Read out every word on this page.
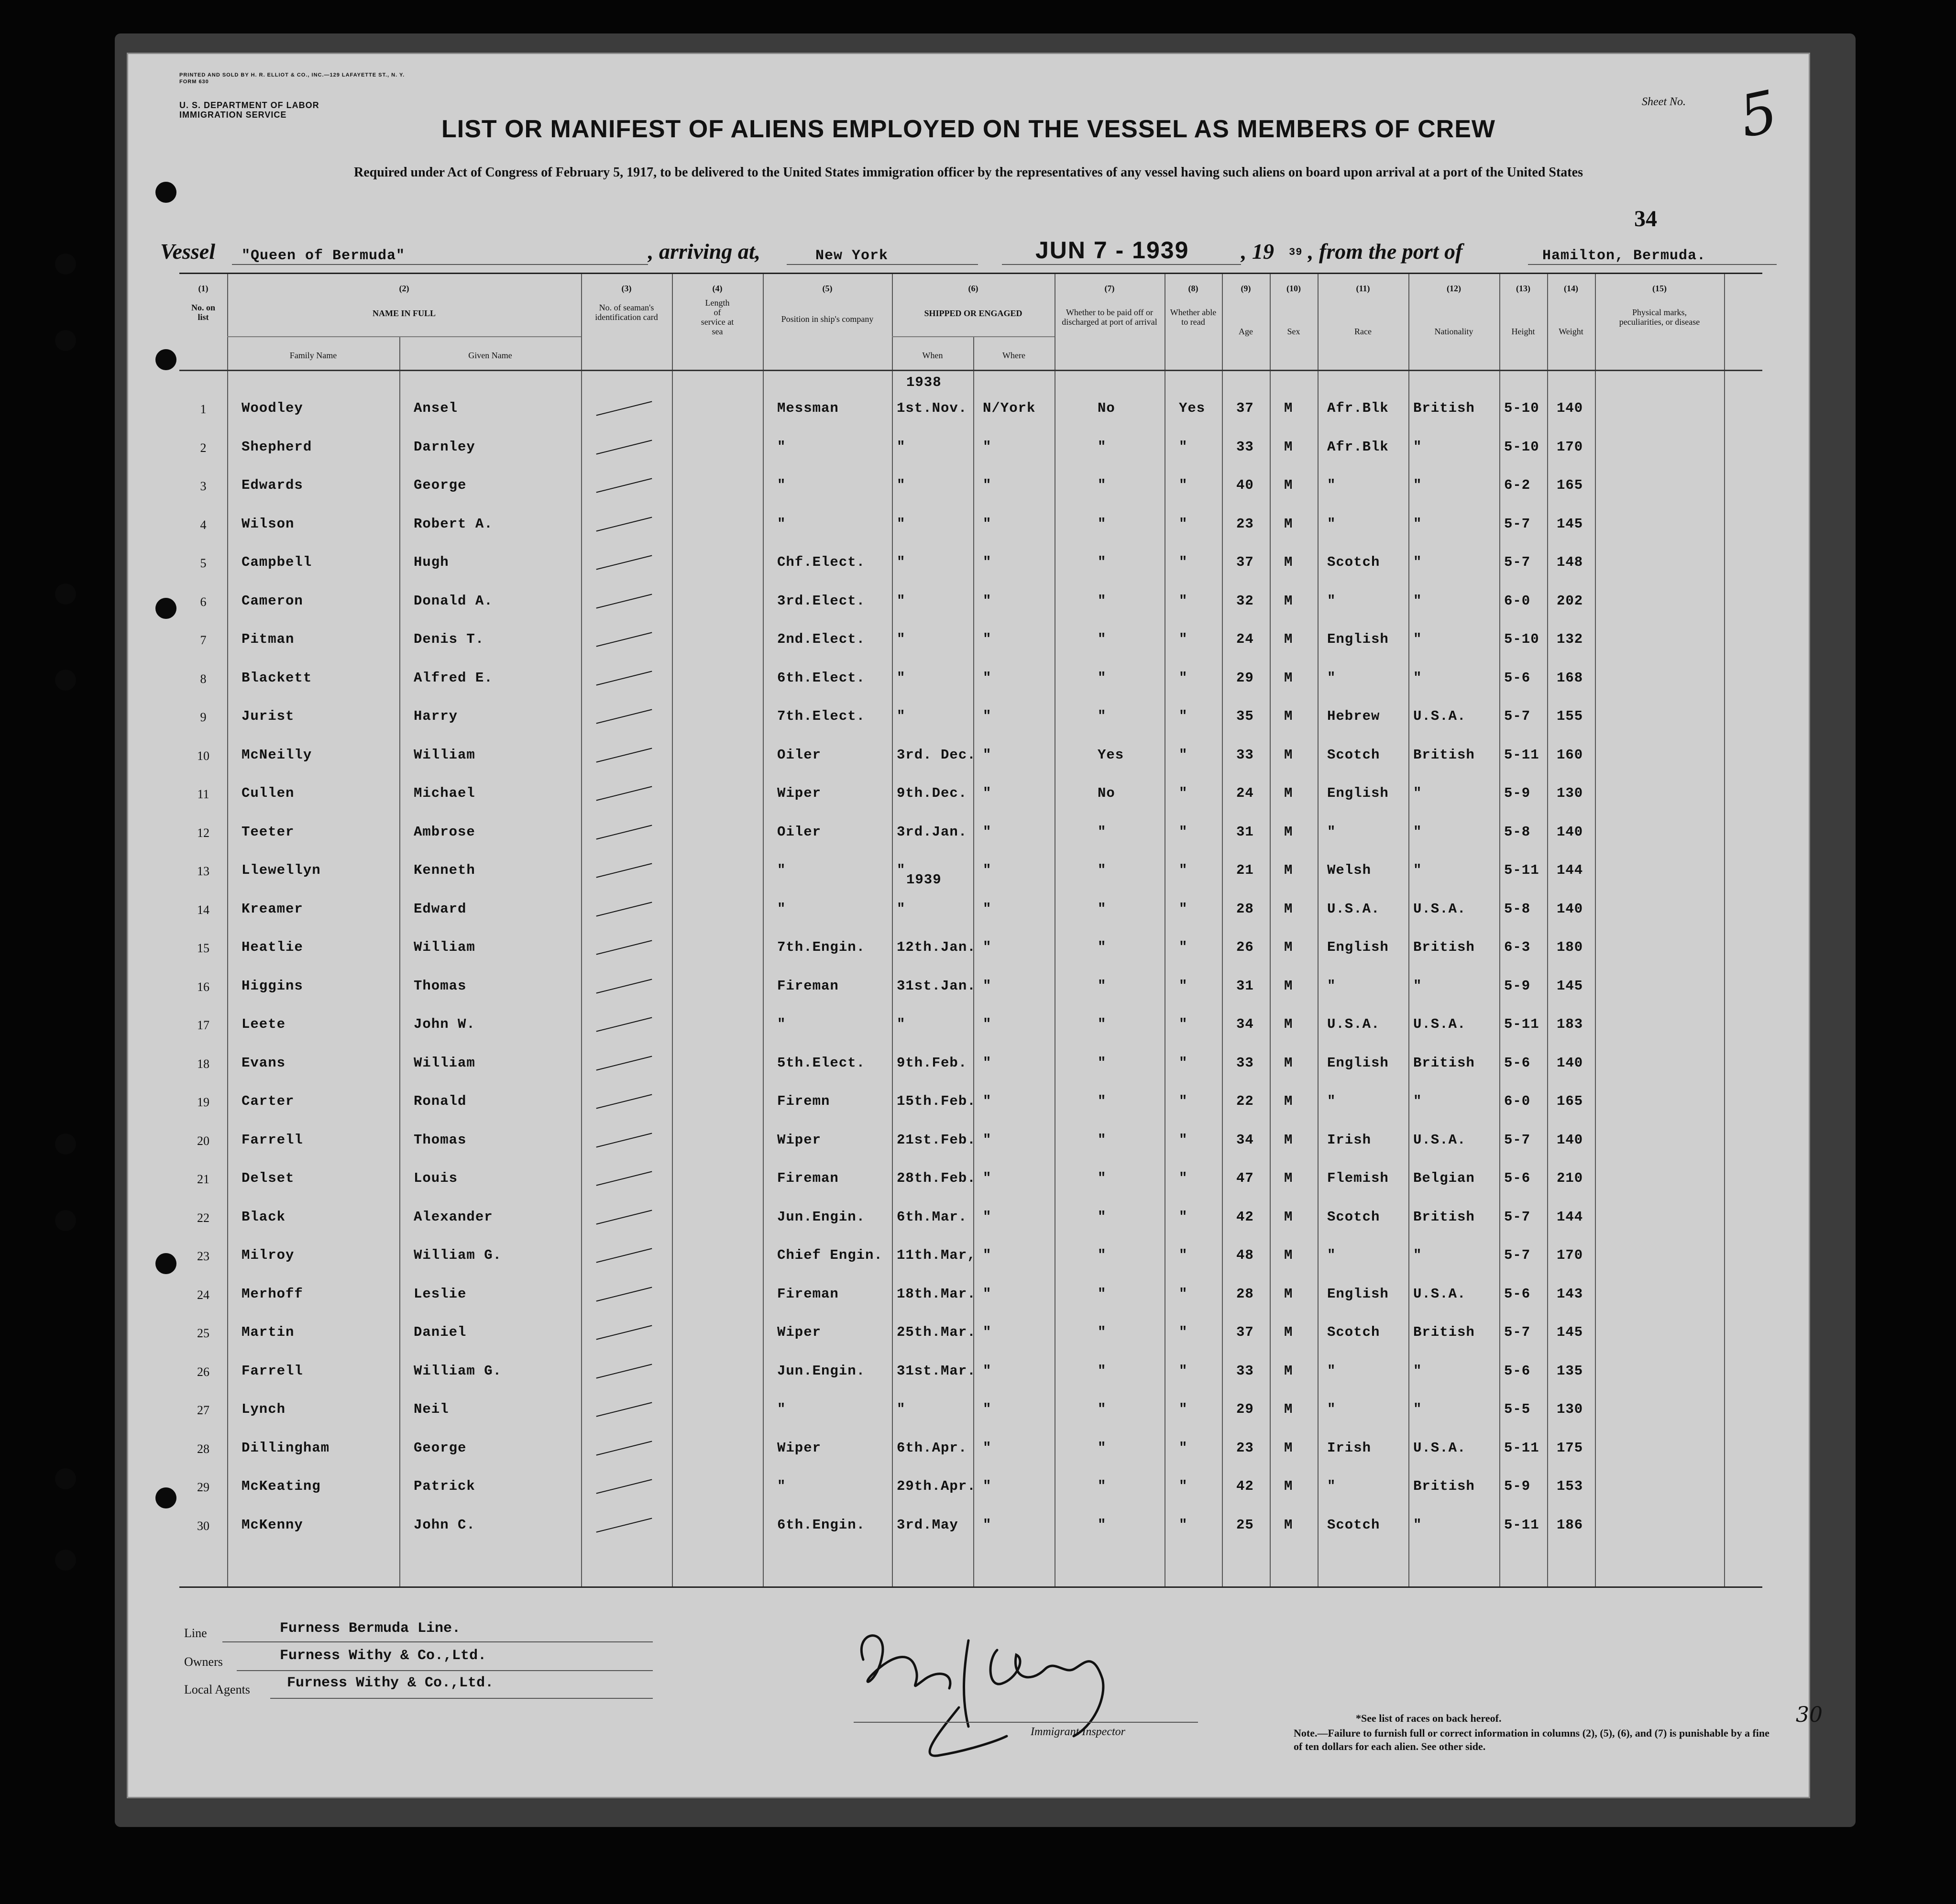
PRINTED AND SOLD BY H. R. ELLIOT & CO., INC.—129 LAFAYETTE ST., N. Y.
FORM 630
U. S. DEPARTMENT OF LABOR
IMMIGRATION SERVICE
Sheet No. 5
LIST OR MANIFEST OF ALIENS EMPLOYED ON THE VESSEL AS MEMBERS OF CREW
Required under Act of Congress of February 5, 1917, to be delivered to the United States immigration officer by the representatives of any vessel having such aliens on board upon arrival at a port of the United States
34
Vessel "Queen of Bermuda"	, arriving at,	New York	JUN 7 - 1939 , 19 39 , from the port of	Hamilton, Bermuda.
(1)
No. on list
(2)
NAME IN FULL
Family Name	Given Name
(3)
No. of seaman's identification card
(4)
Length of service at sea
(5)
Position in ship's company
(6)
SHIPPED OR ENGAGED
When	Where
(7)
Whether to be paid off or discharged at port of arrival
(8)
Whether able to read
(9)
Age
(10)
Sex
(11)
Race
(12)
Nationality
(13)
Height
(14)
Weight
(15)
Physical marks, peculiarities, or disease
1938
1939
1	Woodley	Ansel	Messman	1st.Nov. N/York	No	Yes 37 M Afr.Blk British 5-10 140
2	Shepherd	Darnley	"	"	"	"	"	33 M Afr.Blk "	5-10 170
3	Edwards	George	"	"	"	"	"	40 M "	"	6-2 165
4	Wilson	Robert A.	"	"	"	"	"	23 M "	"	5-7 145
5	Campbell	Hugh	Chf.Elect. "	"	"	"	37 M Scotch "	5-7 148
6	Cameron	Donald A.	3rd.Elect. "	"	"	"	32 M "	"	6-0 202
7	Pitman	Denis T.	2nd.Elect. "	"	"	"	24 M English "	5-10 132
8	Blackett	Alfred E.	6th.Elect. "	"	"	"	29 M "	"	5-6 168
9	Jurist	Harry	7th.Elect. "	"	"	"	35 M Hebrew U.S.A.	5-7 155
10	McNeilly	William	Oiler	3rd. Dec. "	Yes	"	33 M Scotch British 5-11 160
11	Cullen	Michael	Wiper	9th.Dec. "	No	"	24 M English "	5-9 130
12	Teeter	Ambrose	Oiler	3rd.Jan. "	"	"	31 M "	"	5-8 140
13	Llewellyn	Kenneth	"	"	"	"	"	21 M Welsh	"	5-11 144
14	Kreamer	Edward	"	"	"	"	"	28 M U.S.A. U.S.A.	5-8 140
15	Heatlie	William	7th.Engin. 12th.Jan. "	"	"	26 M English British 6-3 180
16	Higgins	Thomas	Fireman	31st.Jan. "	"	"	31 M "	"	5-9 145
17	Leete	John W.	"	"	"	"	"	34 M U.S.A. U.S.A.	5-11 183
18	Evans	William	5th.Elect. 9th.Feb. "	"	"	33 M English British 5-6 140
19	Carter	Ronald	Firemn	15th.Feb. "	"	"	22 M "	"	6-0 165
20	Farrell	Thomas	Wiper	21st.Feb. "	"	"	34 M Irish	U.S.A.	5-7 140
21	Delset	Louis	Fireman	28th.Feb. "	"	"	47 M Flemish Belgian 5-6 210
22	Black	Alexander	Jun.Engin. 6th.Mar. "	"	"	42 M Scotch British 5-7 144
23	Milroy	William G.	Chief Engin. 11th.Mar, "	"	"	48 M "	"	5-7 170
24	Merhoff	Leslie	Fireman	18th.Mar. "	"	"	28 M English U.S.A.	5-6 143
25	Martin	Daniel	Wiper	25th.Mar. "	"	"	37 M Scotch British 5-7 145
26	Farrell	William G.	Jun.Engin. 31st.Mar. "	"	"	33 M "	"	5-6 135
27	Lynch	Neil	"	"	"	"	"	29 M "	"	5-5 130
28	Dillingham	George	Wiper	6th.Apr. "	"	"	23 M Irish	U.S.A.	5-11 175
29	McKeating	Patrick	"	29th.Apr. "	"	"	42 M "	British 5-9 153
30	McKenny	John C.	6th.Engin. 3rd.May "	"	"	25 M Scotch "	5-11 186
Line	Furness Bermuda Line.
Owners	Furness Withy & Co.,Ltd.
Local Agents	Furness Withy & Co.,Ltd.
Immigrant Inspector
*See list of races on back hereof.
Note.—Failure to furnish full or correct information in columns (2), (5), (6), and (7) is punishable by a fine of ten dollars for each alien. See other side.
30
